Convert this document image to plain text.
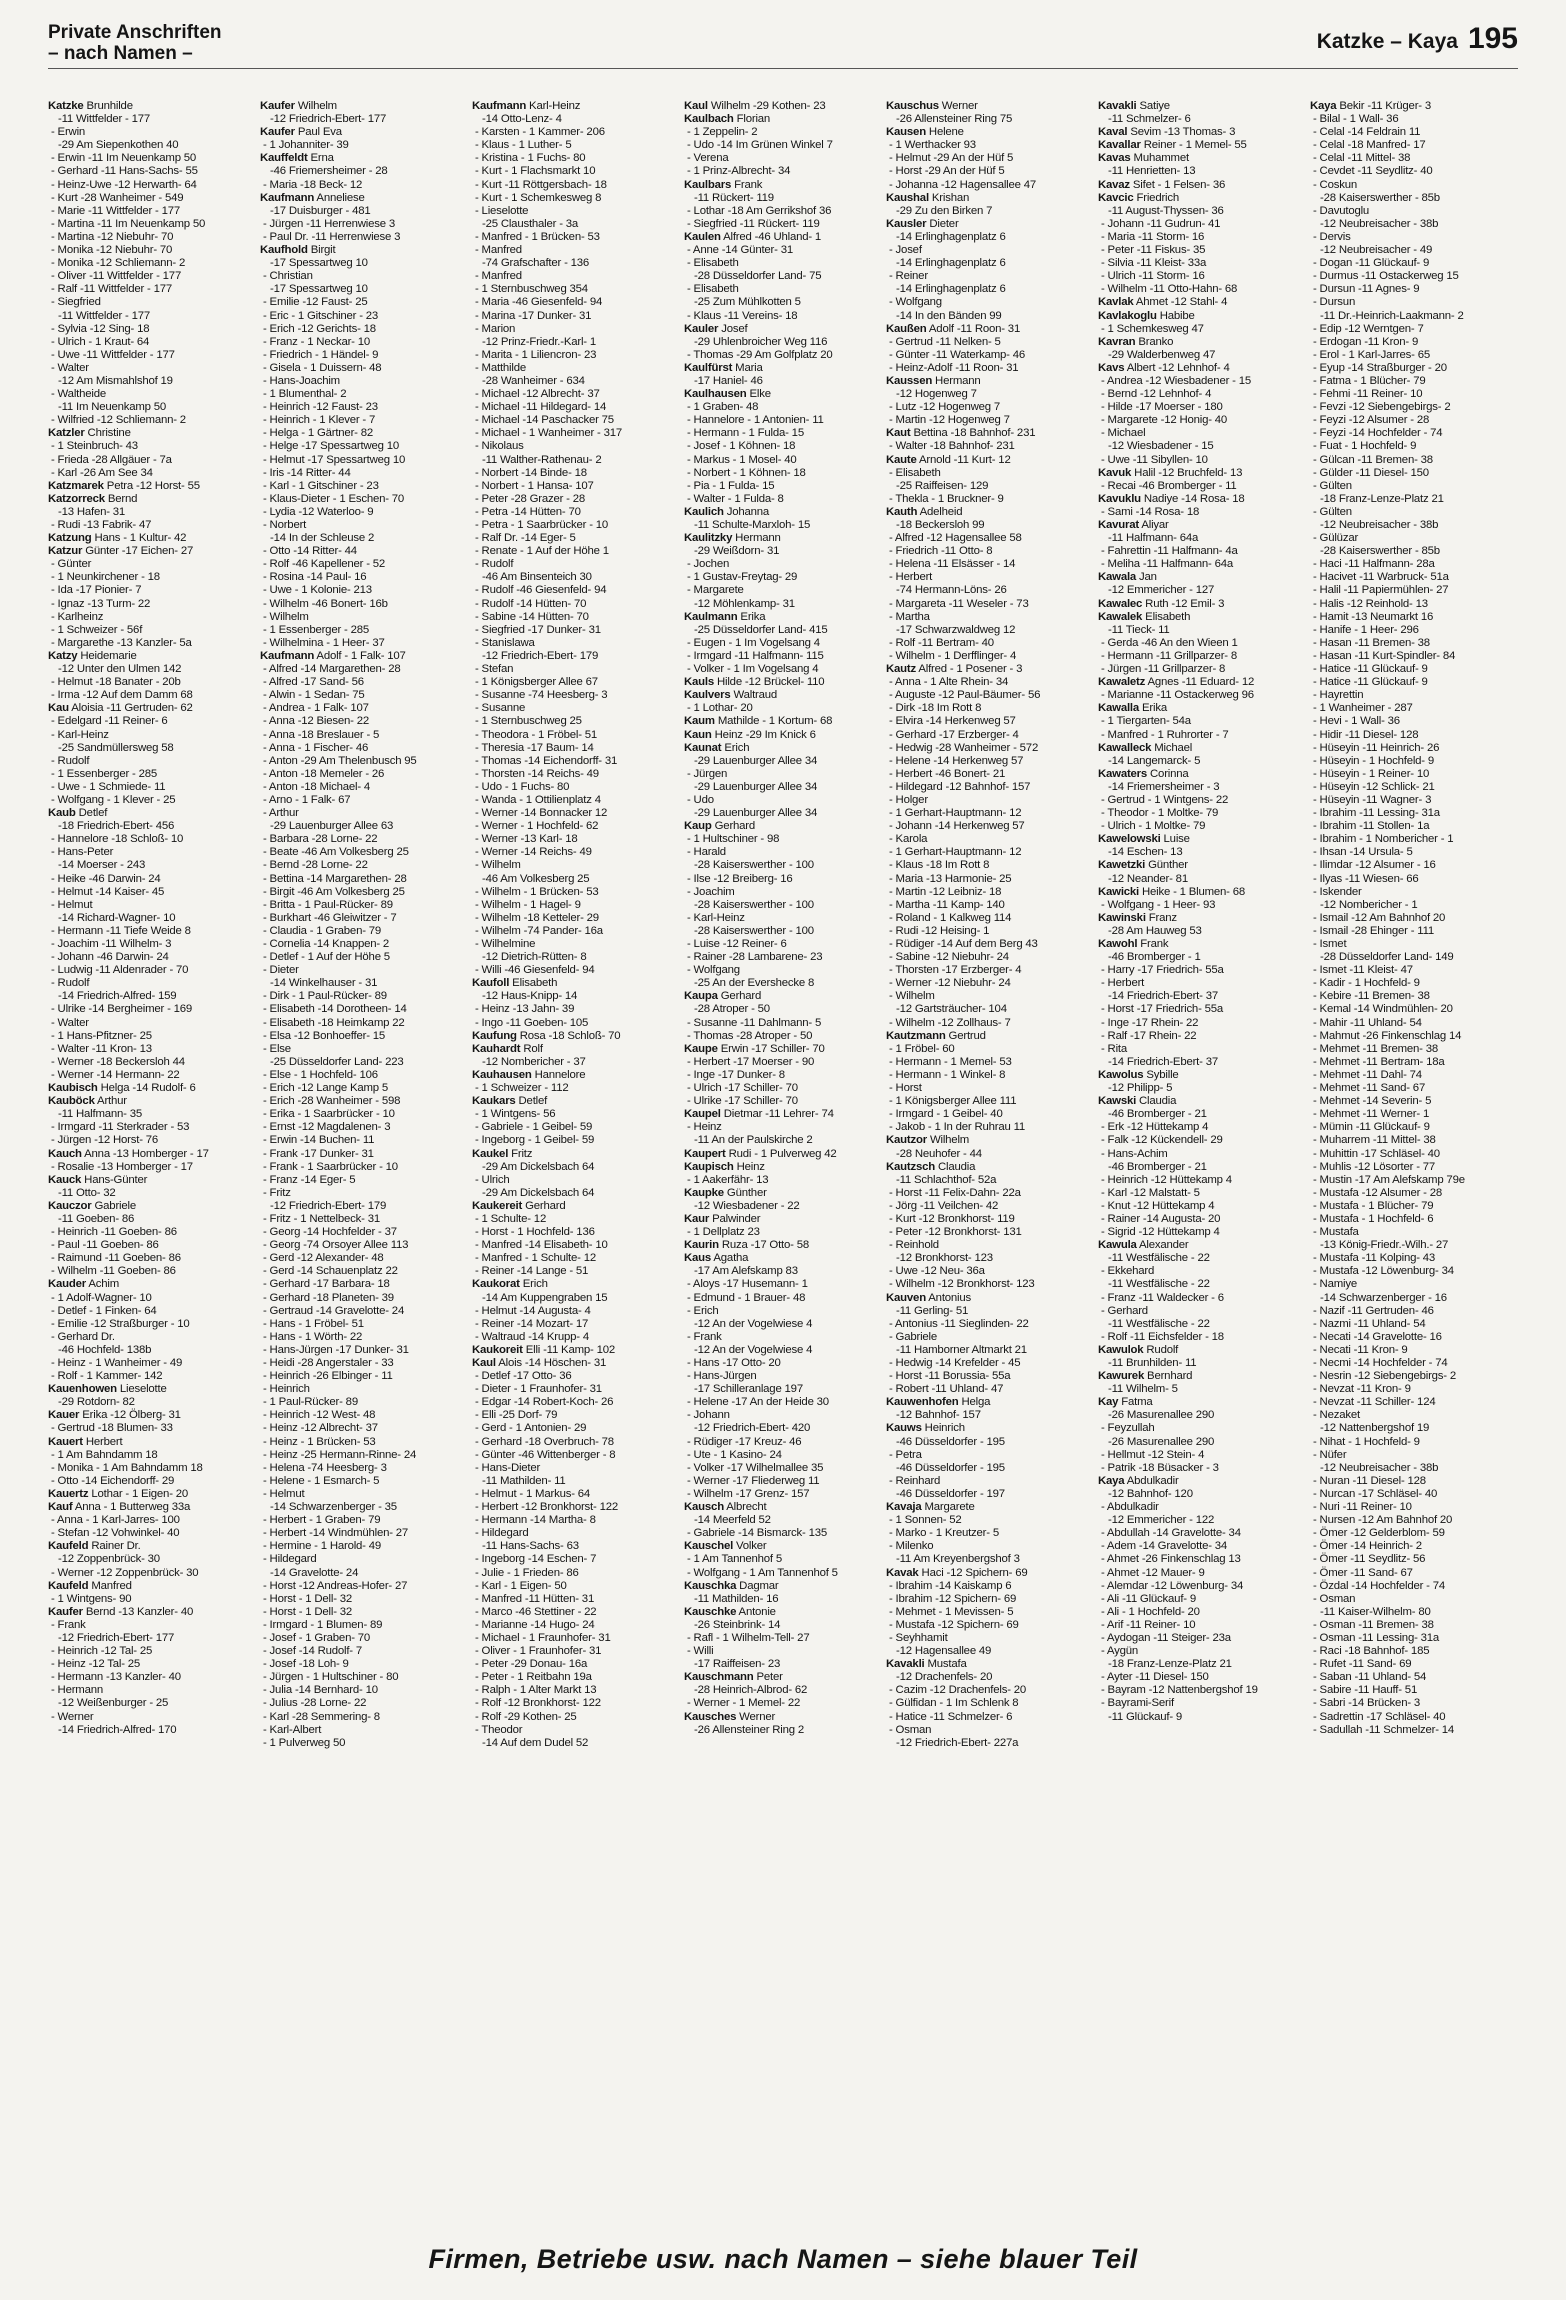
Private Anschriften
– nach Namen –
Katzke – Kaya 195
Katzke Brunhilde
-11 Wittfelder - 177
- Erwin
-29 Am Siepenkothen 40
- Erwin -11 Im Neuenkamp 50
- Gerhard -11 Hans-Sachs- 55
- Heinz-Uwe -12 Herwarth- 64
- Kurt -28 Wanheimer - 549
- Marie -11 Wittfelder - 177
- Martina -11 Im Neuenkamp 50
- Martina -12 Niebuhr- 70
- Monika -12 Niebuhr- 70
- Monika -12 Schliemann- 2
- Oliver -11 Wittfelder - 177
- Ralf -11 Wittfelder - 177
- Siegfried
-11 Wittfelder - 177
- Sylvia -12 Sing- 18
- Ulrich - 1 Kraut- 64
- Uwe -11 Wittfelder - 177
- Walter
-12 Am Mismahlshof 19
- Waltheide
-11 Im Neuenkamp 50
- Wilfried -12 Schliemann- 2
Katzler Christine
- 1 Steinbruch- 43
- Frieda -28 Allgäuer - 7a
- Karl -26 Am See 34
Katzmarek Petra -12 Horst- 55
Katzorreck Bernd
-13 Hafen- 31
- Rudi -13 Fabrik- 47
Katzung Hans - 1 Kultur- 42
Katzur Günter -17 Eichen- 27
- Günter
- 1 Neunkirchener - 18
- Ida -17 Pionier- 7
- Ignaz -13 Turm- 22
- Karlheinz
- 1 Schweizer - 56f
- Margarethe -13 Kanzler- 5a
Katzy Heidemarie
-12 Unter den Ulmen 142
- Helmut -18 Banater - 20b
- Irma -12 Auf dem Damm 68
Kau Aloisia -11 Gertruden- 62
- Edelgard -11 Reiner- 6
- Karl-Heinz
-25 Sandmüllersweg 58
- Rudolf
- 1 Essenberger - 285
- Uwe - 1 Schmiede- 11
- Wolfgang - 1 Klever - 25
Kaub Detlef
-18 Friedrich-Ebert- 456
- Hannelore -18 Schloß- 10
- Hans-Peter
-14 Moerser - 243
- Heike -46 Darwin- 24
- Helmut -14 Kaiser- 45
- Helmut
-14 Richard-Wagner- 10
- Hermann -11 Tiefe Weide 8
- Joachim -11 Wilhelm- 3
- Johann -46 Darwin- 24
- Ludwig -11 Aldenrader - 70
- Rudolf
-14 Friedrich-Alfred- 159
- Ulrike -14 Bergheimer - 169
- Walter
- 1 Hans-Pfitzner- 25
- Walter -11 Kron- 13
- Werner -18 Beckersloh 44
- Werner -14 Hermann- 22
Kaubisch Helga -14 Rudolf- 6
Kauböck Arthur
-11 Halfmann- 35
- Irmgard -11 Sterkrader - 53
- Jürgen -12 Horst- 76
Kauch Anna -13 Homberger - 17
- Rosalie -13 Homberger - 17
Kauck Hans-Günter
-11 Otto- 32
Kauczor Gabriele
-11 Goeben- 86
- Heinrich -11 Goeben- 86
- Paul -11 Goeben- 86
- Raimund -11 Goeben- 86
- Wilhelm -11 Goeben- 86
Kauder Achim
- 1 Adolf-Wagner- 10
- Detlef - 1 Finken- 64
- Emilie -12 Straßburger - 10
- Gerhard Dr.
-46 Hochfeld- 138b
- Heinz - 1 Wanheimer - 49
- Rolf - 1 Kammer- 142
Kauenhowen Lieselotte
-29 Rotdorn- 82
Kauer Erika -12 Ölberg- 31
- Gertrud -18 Blumen- 33
Kauert Herbert
- 1 Am Bahndamm 18
- Monika - 1 Am Bahndamm 18
- Otto -14 Eichendorff- 29
Kauertz Lothar - 1 Eigen- 20
Kauf Anna - 1 Butterweg 33a
- Anna - 1 Karl-Jarres- 100
- Stefan -12 Vohwinkel- 40
Kaufeld Rainer Dr.
-12 Zoppenbrück- 30
- Werner -12 Zoppenbrück- 30
Kaufeld Manfred
- 1 Wintgens- 90
Kaufer Bernd -13 Kanzler- 40
- Frank
-12 Friedrich-Ebert- 177
- Heinrich -12 Tal- 25
- Heinz -12 Tal- 25
- Hermann -13 Kanzler- 40
- Hermann
-12 Weißenburger - 25
- Werner
-14 Friedrich-Alfred- 170
Kaufer Wilhelm
-12 Friedrich-Ebert- 177
Kaufer Paul Eva
- 1 Johanniter- 39
Kauffeldt Erna
-46 Friemersheimer - 28
- Maria -18 Beck- 12
Kaufmann Anneliese
-17 Duisburger - 481
- Jürgen -11 Herrenwiese 3
- Paul Dr. -11 Herrenwiese 3
Kaufhold Birgit
-17 Spessartweg 10
- Christian
-17 Spessartweg 10
- Emilie -12 Faust- 25
- Eric - 1 Gitschiner - 23
- Erich -12 Gerichts- 18
- Franz - 1 Neckar- 10
- Friedrich - 1 Händel- 9
- Gisela - 1 Duissern- 48
- Hans-Joachim
- 1 Blumenthal- 2
- Heinrich -12 Faust- 23
- Heinrich - 1 Klever - 7
- Helga - 1 Gärtner- 82
- Helge -17 Spessartweg 10
- Helmut -17 Spessartweg 10
- Iris -14 Ritter- 44
- Karl - 1 Gitschiner - 23
- Klaus-Dieter - 1 Eschen- 70
- Lydia -12 Waterloo- 9
- Norbert
-14 In der Schleuse 2
- Otto -14 Ritter- 44
- Rolf -46 Kapellener - 52
- Rosina -14 Paul- 16
- Uwe - 1 Kolonie- 213
- Wilhelm -46 Bonert- 16b
- Wilhelm
- 1 Essenberger - 285
- Wilhelmina - 1 Heer- 37
Kaufmann Adolf - 1 Falk- 107
- Alfred -14 Margarethen- 28
- Alfred -17 Sand- 56
- Alwin - 1 Sedan- 75
- Andrea - 1 Falk- 107
- Anna -12 Biesen- 22
- Anna -18 Breslauer - 5
- Anna - 1 Fischer- 46
- Anton -29 Am Thelenbusch 95
- Anton -18 Memeler - 26
- Anton -18 Michael- 4
- Arno - 1 Falk- 67
- Arthur
-29 Lauenburger Allee 63
- Barbara -28 Lorne- 22
- Beate -46 Am Volkesberg 25
- Bernd -28 Lorne- 22
- Bettina -14 Margarethen- 28
- Birgit -46 Am Volkesberg 25
- Britta - 1 Paul-Rücker- 89
- Burkhart -46 Gleiwitzer - 7
- Claudia - 1 Graben- 79
- Cornelia -14 Knappen- 2
- Detlef - 1 Auf der Höhe 5
- Dieter
-14 Winkelhauser - 31
- Dirk - 1 Paul-Rücker- 89
- Elisabeth -14 Dorotheen- 14
- Elisabeth -18 Heimkamp 22
- Elsa -12 Bonhoeffer- 15
- Else
-25 Düsseldorfer Land- 223
- Else - 1 Hochfeld- 106
- Erich -12 Lange Kamp 5
- Erich -28 Wanheimer - 598
- Erika - 1 Saarbrücker - 10
- Ernst -12 Magdalenen- 3
- Erwin -14 Buchen- 11
- Frank -17 Dunker- 31
- Frank - 1 Saarbrücker - 10
- Franz -14 Eger- 5
- Fritz
-12 Friedrich-Ebert- 179
- Fritz - 1 Nettelbeck- 31
- Georg -14 Hochfelder - 37
- Georg -74 Orsoyer Allee 113
- Gerd -12 Alexander- 48
- Gerd -14 Schauenplatz 22
- Gerhard -17 Barbara- 18
- Gerhard -18 Planeten- 39
- Gertraud -14 Gravelotte- 24
- Hans - 1 Fröbel- 51
- Hans - 1 Wörth- 22
- Hans-Jürgen -17 Dunker- 31
- Heidi -28 Angerstaler - 33
- Heinrich -26 Elbinger - 11
- Heinrich
- 1 Paul-Rücker- 89
- Heinrich -12 West- 48
- Heinz -12 Albrecht- 37
- Heinz - 1 Brücken- 53
- Heinz -25 Hermann-Rinne- 24
- Helena -74 Heesberg- 3
- Helene - 1 Esmarch- 5
- Helmut
-14 Schwarzenberger - 35
- Herbert - 1 Graben- 79
- Herbert -14 Windmühlen- 27
- Hermine - 1 Harold- 49
- Hildegard
-14 Gravelotte- 24
- Horst -12 Andreas-Hofer- 27
- Horst - 1 Dell- 32
- Horst - 1 Dell- 32
- Irmgard - 1 Blumen- 89
- Josef - 1 Graben- 70
- Josef -14 Rudolf- 7
- Josef -18 Loh- 9
- Jürgen - 1 Hultschiner - 80
- Julia -14 Bernhard- 10
- Julius -28 Lorne- 22
- Karl -28 Semmering- 8
- Karl-Albert
- 1 Pulverweg 50
Kaufmann Karl-Heinz
-14 Otto-Lenz- 4
- Karsten - 1 Kammer- 206
- Klaus - 1 Luther- 5
- Kristina - 1 Fuchs- 80
- Kurt - 1 Flachsmarkt 10
- Kurt -11 Röttgersbach- 18
- Kurt - 1 Schemkesweg 8
- Lieselotte
-25 Clausthaler - 3a
- Manfred - 1 Brücken- 53
- Manfred
-74 Grafschafter - 136
- Manfred
- 1 Sternbuschweg 354
- Maria -46 Giesenfeld- 94
- Marina -17 Dunker- 31
- Marion
-12 Prinz-Friedr.-Karl- 1
- Marita - 1 Liliencron- 23
- Matthilde
-28 Wanheimer - 634
- Michael -12 Albrecht- 37
- Michael -11 Hildegard- 14
- Michael -14 Paschacker 75
- Michael - 1 Wanheimer - 317
- Nikolaus
-11 Walther-Rathenau- 2
- Norbert -14 Binde- 18
- Norbert - 1 Hansa- 107
- Peter -28 Grazer - 28
- Petra -14 Hütten- 70
- Petra - 1 Saarbrücker - 10
- Ralf Dr. -14 Eger- 5
- Renate - 1 Auf der Höhe 1
- Rudolf
-46 Am Binsenteich 30
- Rudolf -46 Giesenfeld- 94
- Rudolf -14 Hütten- 70
- Sabine -14 Hütten- 70
- Siegfried -17 Dunker- 31
- Stanislawa
-12 Friedrich-Ebert- 179
- Stefan
- 1 Königsberger Allee 67
- Susanne -74 Heesberg- 3
- Susanne
- 1 Sternbuschweg 25
- Theodora - 1 Fröbel- 51
- Theresia -17 Baum- 14
- Thomas -14 Eichendorff- 31
- Thorsten -14 Reichs- 49
- Udo - 1 Fuchs- 80
- Wanda - 1 Ottilienplatz 4
- Werner -14 Bonnacker 12
- Werner - 1 Hochfeld- 62
- Werner -13 Karl- 18
- Werner -14 Reichs- 49
- Wilhelm
-46 Am Volkesberg 25
- Wilhelm - 1 Brücken- 53
- Wilhelm - 1 Hagel- 9
- Wilhelm -18 Ketteler- 29
- Wilhelm -74 Pander- 16a
- Wilhelmine
-12 Dietrich-Rütten- 8
- Willi -46 Giesenfeld- 94
Kaufoll Elisabeth
-12 Haus-Knipp- 14
- Heinz -13 Jahn- 39
- Ingo -11 Goeben- 105
Kaufung Rosa -18 Schloß- 70
Kauhardt Rolf
-12 Nombericher - 37
Kauhausen Hannelore
- 1 Schweizer - 112
Kaukars Detlef
- 1 Wintgens- 56
- Gabriele - 1 Geibel- 59
- Ingeborg - 1 Geibel- 59
Kaukel Fritz
-29 Am Dickelsbach 64
- Ulrich
-29 Am Dickelsbach 64
Kaukereit Gerhard
- 1 Schulte- 12
- Horst - 1 Hochfeld- 136
- Manfred -14 Elisabeth- 10
- Manfred - 1 Schulte- 12
- Reiner -14 Lange - 51
Kaukorat Erich
-14 Am Kuppengraben 15
- Helmut -14 Augusta- 4
- Reiner -14 Mozart- 17
- Waltraud -14 Krupp- 4
Kaukoreit Elli -11 Kamp- 102
Kaul Alois -14 Höschen- 31
- Detlef -17 Otto- 36
- Dieter - 1 Fraunhofer- 31
- Edgar -14 Robert-Koch- 26
- Elli -25 Dorf- 79
- Gerd - 1 Antonien- 29
- Gerhard -18 Overbruch- 78
- Günter -46 Wittenberger - 8
- Hans-Dieter
-11 Mathilden- 11
- Helmut - 1 Markus- 64
- Herbert -12 Bronkhorst- 122
- Hermann -14 Martha- 8
- Hildegard
-11 Hans-Sachs- 63
- Ingeborg -14 Eschen- 7
- Julie - 1 Frieden- 86
- Karl - 1 Eigen- 50
- Manfred -11 Hütten- 31
- Marco -46 Stettiner - 22
- Marianne -14 Hugo- 24
- Michael - 1 Fraunhofer- 31
- Oliver - 1 Fraunhofer- 31
- Peter -29 Donau- 16a
- Peter - 1 Reitbahn 19a
- Ralph - 1 Alter Markt 13
- Rolf -12 Bronkhorst- 122
- Rolf -29 Kothen- 25
- Theodor
-14 Auf dem Dudel 52
Kaul Wilhelm -29 Kothen- 23
Kaulbach Florian
- 1 Zeppelin- 2
- Udo -14 Im Grünen Winkel 7
- Verena
- 1 Prinz-Albrecht- 34
Kaulbars Frank
-11 Rückert- 119
- Lothar -18 Am Gerrikshof 36
- Siegfried -11 Rückert- 119
Kaulen Alfred -46 Uhland- 1
- Anne -14 Günter- 31
- Elisabeth
-28 Düsseldorfer Land- 75
- Elisabeth
-25 Zum Mühlkotten 5
- Klaus -11 Vereins- 18
Kauler Josef
-29 Uhlenbroicher Weg 116
- Thomas -29 Am Golfplatz 20
Kaulfürst Maria
-17 Haniel- 46
Kaulhausen Elke
- 1 Graben- 48
- Hannelore - 1 Antonien- 11
- Hermann - 1 Fulda- 15
- Josef - 1 Köhnen- 18
- Markus - 1 Mosel- 40
- Norbert - 1 Köhnen- 18
- Pia - 1 Fulda- 15
- Walter - 1 Fulda- 8
Kaulich Johanna
-11 Schulte-Marxloh- 15
Kaulitzky Hermann
-29 Weißdorn- 31
- Jochen
- 1 Gustav-Freytag- 29
- Margarete
-12 Möhlenkamp- 31
Kaulmann Erika
-25 Düsseldorfer Land- 415
- Eugen - 1 Im Vogelsang 4
- Irmgard -11 Halfmann- 115
- Volker - 1 Im Vogelsang 4
Kauls Hilde -12 Brückel- 110
Kaulvers Waltraud
- 1 Lothar- 20
Kaum Mathilde - 1 Kortum- 68
Kaun Heinz -29 Im Knick 6
Kaunat Erich
-29 Lauenburger Allee 34
- Jürgen
-29 Lauenburger Allee 34
- Udo
-29 Lauenburger Allee 34
Kaup Gerhard
- 1 Hultschiner - 98
- Harald
-28 Kaiserswerther - 100
- Ilse -12 Breiberg- 16
- Joachim
-28 Kaiserswerther - 100
- Karl-Heinz
-28 Kaiserswerther - 100
- Luise -12 Reiner- 6
- Rainer -28 Lambarene- 23
- Wolfgang
-25 An der Eversheckе 8
Kaupa Gerhard
-28 Atroper - 50
- Susanne -11 Dahlmann- 5
- Thomas -28 Atroper - 50
Kaupe Erwin -17 Schiller- 70
- Herbert -17 Moerser - 90
- Inge -17 Dunker- 8
- Ulrich -17 Schiller- 70
- Ulrike -17 Schiller- 70
Kaupel Dietmar -11 Lehrer- 74
- Heinz
-11 An der Paulskirche 2
Kaupert Rudi - 1 Pulverweg 42
Kaupisch Heinz
- 1 Aakerfähr- 13
Kaupke Günther
-12 Wiesbadener - 22
Kaur Palwinder
- 1 Dellplatz 23
Kaurin Ruza -17 Otto- 58
Kaus Agatha
-17 Am Alefskamp 83
- Aloys -17 Husemann- 1
- Edmund - 1 Brauer- 48
- Erich
-12 An der Vogelwiese 4
- Frank
-12 An der Vogelwiese 4
- Hans -17 Otto- 20
- Hans-Jürgen
-17 Schilleranlage 197
- Helene -17 An der Heide 30
- Johann
-12 Friedrich-Ebert- 420
- Rüdiger -17 Kreuz- 46
- Ute - 1 Kasino- 24
- Volker -17 Wilhelmallee 35
- Werner -17 Fliederweg 11
- Wilhelm -17 Grenz- 157
Kausch Albrecht
-14 Meerfeld 52
- Gabriele -14 Bismarck- 135
Kauschel Volker
- 1 Am Tannenhof 5
- Wolfgang - 1 Am Tannenhof 5
Kauschka Dagmar
-11 Mathilden- 16
Kauschke Antonie
-26 Steinbrink- 14
- Rafl - 1 Wilhelm-Tell- 27
- Willi
-17 Raiffeisen- 23
Kauschmann Peter
-28 Heinrich-Albrod- 62
- Werner - 1 Memel- 22
Kausches Werner
-26 Allensteiner Ring 2
Kauschus Werner
-26 Allensteiner Ring 75
Kausen Helene
- 1 Werthacker 93
- Helmut -29 An der Hüf 5
- Horst -29 An der Hüf 5
- Johanna -12 Hagensallee 47
Kaushal Krishan
-29 Zu den Birken 7
Kausler Dieter
-14 Erlinghagenplatz 6
- Josef
-14 Erlinghagenplatz 6
- Reiner
-14 Erlinghagenplatz 6
- Wolfgang
-14 In den Bänden 99
Kaußen Adolf -11 Roon- 31
- Gertrud -11 Nelken- 5
- Günter -11 Waterkamp- 46
- Heinz-Adolf -11 Roon- 31
Kaussen Hermann
-12 Hogenweg 7
- Lutz -12 Hogenweg 7
- Martin -12 Hogenweg 7
Kaut Bettina -18 Bahnhof- 231
- Walter -18 Bahnhof- 231
Kaute Arnold -11 Kurt- 12
- Elisabeth
-25 Raiffeisen- 129
- Thekla - 1 Bruckner- 9
Kauth Adelheid
-18 Beckersloh 99
- Alfred -12 Hagensallee 58
- Friedrich -11 Otto- 8
- Helena -11 Elsässer - 14
- Herbert
-74 Hermann-Löns- 26
- Margareta -11 Weseler - 73
- Martha
-17 Schwarzwaldweg 12
- Rolf -11 Bertram- 40
- Wilhelm - 1 Derfflinger- 4
Kautz Alfred - 1 Posener - 3
- Anna - 1 Alte Rhein- 34
- Auguste -12 Paul-Bäumer- 56
- Dirk -18 Im Rott 8
- Elvira -14 Herkenweg 57
- Gerhard -17 Erzberger- 4
- Hedwig -28 Wanheimer - 572
- Helene -14 Herkenweg 57
- Herbert -46 Bonert- 21
- Hildegard -12 Bahnhof- 157
- Holger
- 1 Gerhart-Hauptmann- 12
- Johann -14 Herkenweg 57
- Karola
- 1 Gerhart-Hauptmann- 12
- Klaus -18 Im Rott 8
- Maria -13 Harmonie- 25
- Martin -12 Leibniz- 18
- Martha -11 Kamp- 140
- Roland - 1 Kalkweg 114
- Rudi -12 Heising- 1
- Rüdiger -14 Auf dem Berg 43
- Sabine -12 Niebuhr- 24
- Thorsten -17 Erzberger- 4
- Werner -12 Niebuhr- 24
- Wilhelm
-12 Gartsträucher- 104
- Wilhelm -12 Zollhaus- 7
Kautzmann Gertrud
- 1 Fröbel- 60
- Hermann - 1 Memel- 53
- Hermann - 1 Winkel- 8
- Horst
- 1 Königsberger Allee 111
- Irmgard - 1 Geibel- 40
- Jakob - 1 In der Ruhrau 11
Kautzor Wilhelm
-28 Neuhofer - 44
Kautzsch Claudia
-11 Schlachthof- 52a
- Horst -11 Felix-Dahn- 22a
- Jörg -11 Veilchen- 42
- Kurt -12 Bronkhorst- 119
- Peter -12 Bronkhorst- 131
- Reinhold
-12 Bronkhorst- 123
- Uwe -12 Neu- 36a
- Wilhelm -12 Bronkhorst- 123
Kauven Antonius
-11 Gerling- 51
- Antonius -11 Sieglinden- 22
- Gabriele
-11 Hamborner Altmarkt 21
- Hedwig -14 Krefelder - 45
- Horst -11 Borussia- 55a
- Robert -11 Uhland- 47
Kauwenhofen Helga
-12 Bahnhof- 157
Kauws Heinrich
-46 Düsseldorfer - 195
- Petra
-46 Düsseldorfer - 195
- Reinhard
-46 Düsseldorfer - 197
Kavaja Margarete
- 1 Sonnen- 52
- Marko - 1 Kreutzer- 5
- Milenko
-11 Am Kreyenbergshof 3
Kavak Haci -12 Spichern- 69
- Ibrahim -14 Kaiskamp 6
- Ibrahim -12 Spichern- 69
- Mehmet - 1 Mevissen- 5
- Mustafa -12 Spichern- 69
- Seyhhamit
-12 Hagensallee 49
Kavakli Mustafa
-12 Drachenfels- 20
- Cazim -12 Drachenfels- 20
- Gülfidan - 1 Im Schlenk 8
- Hatice -11 Schmelzer- 6
- Osman
-12 Friedrich-Ebert- 227a
Kavakli Satiye
-11 Schmelzer- 6
Kaval Sevim -13 Thomas- 3
Kavallar Reiner - 1 Memel- 55
Kavas Muhammet
-11 Henrietten- 13
Kavaz Sifet - 1 Felsen- 36
Kavcic Friedrich
-11 August-Thyssen- 36
- Johann -11 Gudrun- 41
- Maria -11 Storm- 16
- Peter -11 Fiskus- 35
- Silvia -11 Kleist- 33a
- Ulrich -11 Storm- 16
- Wilhelm -11 Otto-Hahn- 68
Kavlak Ahmet -12 Stahl- 4
Kavlakoglu Habibe
- 1 Schemkesweg 47
Kavran Branko
-29 Walderbenweg 47
Kavs Albert -12 Lehnhof- 4
- Andrea -12 Wiesbadener - 15
- Bernd -12 Lehnhof- 4
- Hilde -17 Moerser - 180
- Margarete -12 Honig- 40
- Michael
-12 Wiesbadener - 15
- Uwe -11 Sibyllen- 10
Kavuk Halil -12 Bruchfeld- 13
- Recai -46 Bromberger - 11
Kavuklu Nadiye -14 Rosa- 18
- Sami -14 Rosa- 18
Kavurat Aliyar
-11 Halfmann- 64a
- Fahrettin -11 Halfmann- 4a
- Meliha -11 Halfmann- 64a
Kawala Jan
-12 Emmericher - 127
Kawalec Ruth -12 Emil- 3
Kawalek Elisabeth
-11 Tieck- 11
- Gerda -46 An den Wieen 1
- Hermann -11 Grillparzer- 8
- Jürgen -11 Grillparzer- 8
Kawaletz Agnes -11 Eduard- 12
- Marianne -11 Ostackerweg 96
Kawalla Erika
- 1 Tiergarten- 54a
- Manfred - 1 Ruhrorter - 7
Kawalleck Michael
-14 Langemarck- 5
Kawaters Corinna
-14 Friemersheimer - 3
- Gertrud - 1 Wintgens- 22
- Theodor - 1 Moltke- 79
- Ulrich - 1 Moltke- 79
Kawelowski Luise
-14 Eschen- 13
Kawetzki Günther
-12 Neander- 81
Kawicki Heike - 1 Blumen- 68
- Wolfgang - 1 Heer- 93
Kawinski Franz
-28 Am Hauweg 53
Kawohl Frank
-46 Bromberger - 1
- Harry -17 Friedrich- 55a
- Herbert
-14 Friedrich-Ebert- 37
- Horst -17 Friedrich- 55a
- Inge -17 Rhein- 22
- Ralf -17 Rhein- 22
- Rita
-14 Friedrich-Ebert- 37
Kawolus Sybille
-12 Philipp- 5
Kawski Claudia
-46 Bromberger - 21
- Erk -12 Hüttekamp 4
- Falk -12 Kückendell- 29
- Hans-Achim
-46 Bromberger - 21
- Heinrich -12 Hüttekamp 4
- Karl -12 Malstatt- 5
- Knut -12 Hüttekamp 4
- Rainer -14 Augusta- 20
- Sigrid -12 Hüttekamp 4
Kawula Alexander
-11 Westfälische - 22
- Ekkehard
-11 Westfälische - 22
- Franz -11 Waldecker - 6
- Gerhard
-11 Westfälische - 22
- Rolf -11 Eichsfelder - 18
Kawulok Rudolf
-11 Brunhilden- 11
Kawurek Bernhard
-11 Wilhelm- 5
Kay Fatma
-26 Masurenallee 290
- Feyzullah
-26 Masurenallee 290
- Hellmut -12 Stein- 4
- Patrik -18 Büsacker - 3
Kaya Abdulkadir
-12 Bahnhof- 120
- Abdulkadir
-12 Emmericher - 122
- Abdullah -14 Gravelotte- 34
- Adem -14 Gravelotte- 34
- Ahmet -26 Finkenschlag 13
- Ahmet -12 Mauer- 9
- Alemdar -12 Löwenburg- 34
- Ali -11 Glückauf- 9
- Ali - 1 Hochfeld- 20
- Arif -11 Reiner- 10
- Aydogan -11 Steiger- 23a
- Aygün
-18 Franz-Lenze-Platz 21
- Ayter -11 Diesel- 150
- Bayram -12 Nattenbergshof 19
- Bayrami-Serif
-11 Glückauf- 9
Kaya Bekir -11 Krüger- 3
- Bilal - 1 Wall- 36
- Celal -14 Feldrain 11
- Celal -18 Manfred- 17
- Celal -11 Mittel- 38
- Cevdet -11 Seydlitz- 40
- Coskun
-28 Kaiserswerther - 85b
- Davutoglu
-12 Neubreisacher - 38b
- Dervis
-12 Neubreisacher - 49
- Dogan -11 Glückauf- 9
- Durmus -11 Ostackerweg 15
- Dursun -11 Agnes- 9
- Dursun
-11 Dr.-Heinrich-Laakmann- 2
- Edip -12 Werntgen- 7
- Erdogan -11 Kron- 9
- Erol - 1 Karl-Jarres- 65
- Eyup -14 Straßburger - 20
- Fatma - 1 Blücher- 79
- Fehmi -11 Reiner- 10
- Fevzi -12 Siebengebirgs- 2
- Feyzi -12 Alsumer - 28
- Feyzi -14 Hochfelder - 74
- Fuat - 1 Hochfeld- 9
- Gülcan -11 Bremen- 38
- Gülder -11 Diesel- 150
- Gülten
-18 Franz-Lenze-Platz 21
- Gülten
-12 Neubreisacher - 38b
- Gülüzar
-28 Kaiserswerther - 85b
- Haci -11 Halfmann- 28a
- Hacivet -11 Warbruck- 51a
- Halil -11 Papiermühlen- 27
- Halis -12 Reinhold- 13
- Hamit -13 Neumarkt 16
- Hanife - 1 Heer- 296
- Hasan -11 Bremen- 38
- Hasan -11 Kurt-Spindler- 84
- Hatice -11 Glückauf- 9
- Hatice -11 Glückauf- 9
- Hayrettin
- 1 Wanheimer - 287
- Hevi - 1 Wall- 36
- Hidir -11 Diesel- 128
- Hüseyin -11 Heinrich- 26
- Hüseyin - 1 Hochfeld- 9
- Hüseyin - 1 Reiner- 10
- Hüseyin -12 Schlick- 21
- Hüseyin -11 Wagner- 3
- Ibrahim -11 Lessing- 31a
- Ibrahim -11 Stollen- 1a
- Ibrahim - 1 Nombericher - 1
- Ihsan -14 Ursula- 5
- Ilimdar -12 Alsumer - 16
- Ilyas -11 Wiesen- 66
- Iskender
-12 Nombericher - 1
- Ismail -12 Am Bahnhof 20
- Ismail -28 Ehinger - 111
- Ismet
-28 Düsseldorfer Land- 149
- Ismet -11 Kleist- 47
- Kadir - 1 Hochfeld- 9
- Kebire -11 Bremen- 38
- Kemal -14 Windmühlen- 20
- Mahir -11 Uhland- 54
- Mahmut -26 Finkenschlag 14
- Mehmet -11 Bremen- 38
- Mehmet -11 Bertram- 18a
- Mehmet -11 Dahl- 74
- Mehmet -11 Sand- 67
- Mehmet -14 Severin- 5
- Mehmet -11 Werner- 1
- Mümin -11 Glückauf- 9
- Muharrem -11 Mittel- 38
- Muhittin -17 Schläsel- 40
- Muhlis -12 Lösorter - 77
- Mustin -17 Am Alefskamp 79e
- Mustafa -12 Alsumer - 28
- Mustafa - 1 Blücher- 79
- Mustafa - 1 Hochfeld- 6
- Mustafa
-13 König-Friedr.-Wilh.- 27
- Mustafa -11 Kolping- 43
- Mustafa -12 Löwenburg- 34
- Namiye
-14 Schwarzenberger - 16
- Nazif -11 Gertruden- 46
- Nazmi -11 Uhland- 54
- Necati -14 Gravelotte- 16
- Necati -11 Kron- 9
- Necmi -14 Hochfelder - 74
- Nesrin -12 Siebengebirgs- 2
- Nevzat -11 Kron- 9
- Nevzat -11 Schiller- 124
- Nezaket
-12 Nattenbergshof 19
- Nihat - 1 Hochfeld- 9
- Nüfer
-12 Neubreisacher - 38b
- Nuran -11 Diesel- 128
- Nurcan -17 Schläsel- 40
- Nuri -11 Reiner- 10
- Nursen -12 Am Bahnhof 20
- Ömer -12 Gelderblom- 59
- Ömer -14 Heinrich- 2
- Ömer -11 Seydlitz- 56
- Ömer -11 Sand- 67
- Özdal -14 Hochfelder - 74
- Osman
-11 Kaiser-Wilhelm- 80
- Osman -11 Bremen- 38
- Osman -11 Lessing- 31a
- Raci -18 Bahnhof- 185
- Rufet -11 Sand- 69
- Saban -11 Uhland- 54
- Sabire -11 Hauff- 51
- Sabri -14 Brücken- 3
- Sadrettin -17 Schläsel- 40
- Sadullah -11 Schmelzer- 14
Firmen, Betriebe usw. nach Namen – siehe blauer Teil
